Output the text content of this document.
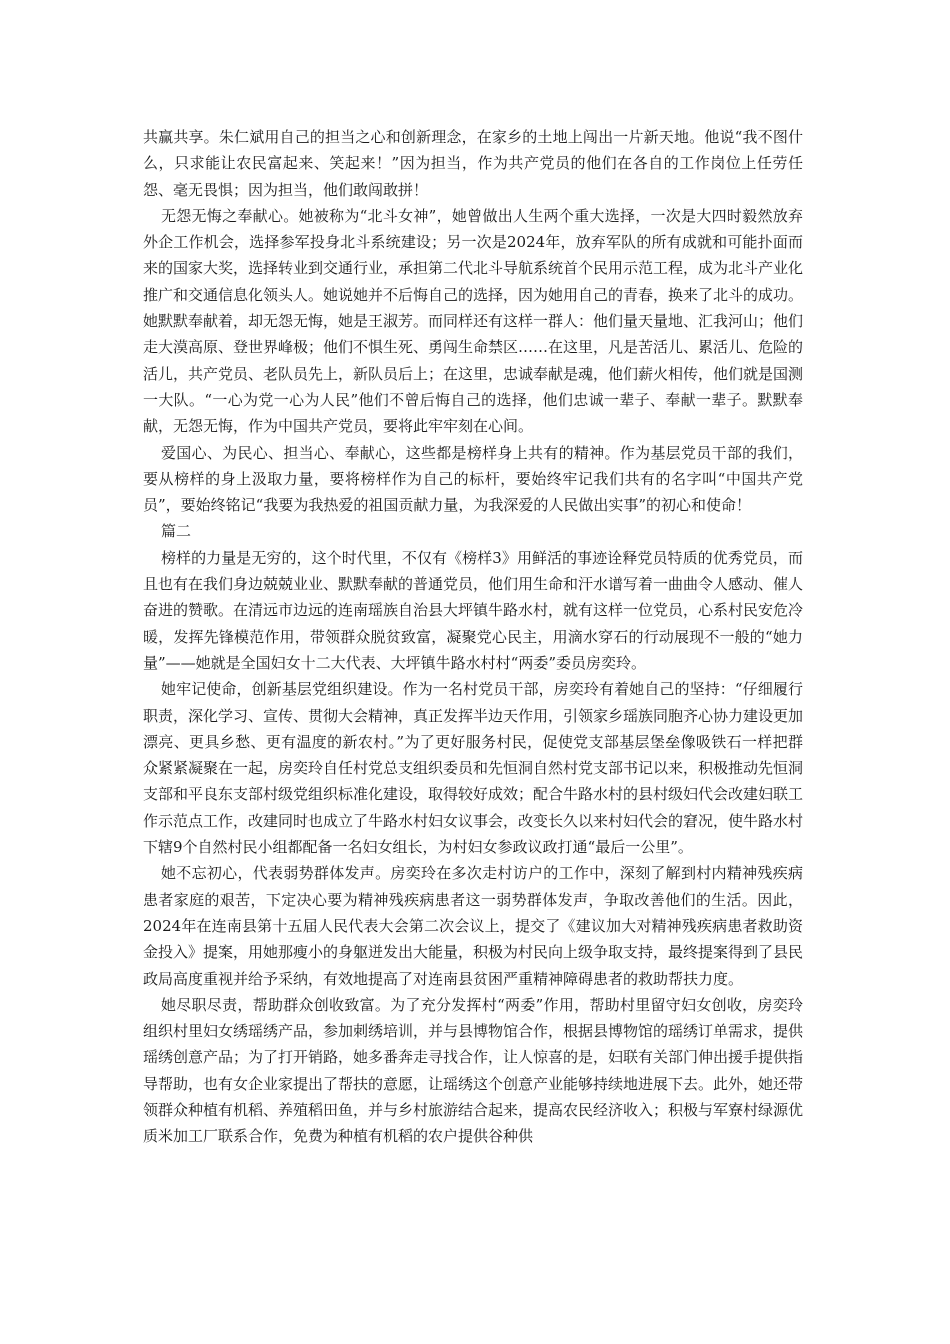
共赢共享。朱仁斌用自己的担当之心和创新理念，在家乡的土地上闯出一片新天地。他说“我不图什么，只求能让农民富起来、笑起来！”因为担当，作为共产党员的他们在各自的工作岗位上任劳任怨、毫无畏惧；因为担当，他们敢闯敢拼！

无怨无悔之奉献心。她被称为“北斗女神”，她曾做出人生两个重大选择，一次是大四时毅然放弃外企工作机会，选择参军投身北斗系统建设；另一次是2024年，放弃军队的所有成就和可能扑面而来的国家大奖，选择转业到交通行业，承担第二代北斗导航系统首个民用示范工程，成为北斗产业化推广和交通信息化领头人。她说她并不后悔自己的选择，因为她用自己的青春，换来了北斗的成功。她默默奉献着，却无怨无悔，她是王淑芳。而同样还有这样一群人：他们量天量地、汇我河山；他们走大漠高原、登世界峰极；他们不惧生死、勇闯生命禁区……在这里，凡是苦活儿、累活儿、危险的活儿，共产党员、老队员先上，新队员后上；在这里，忠诚奉献是魂，他们薪火相传，他们就是国测一大队。“一心为党一心为人民”他们不曾后悔自己的选择，他们忠诚一辈子、奉献一辈子。默默奉献，无怨无悔，作为中国共产党员，要将此牢牢刻在心间。

爱国心、为民心、担当心、奉献心，这些都是榜样身上共有的精神。作为基层党员干部的我们，要从榜样的身上汲取力量，要将榜样作为自己的标杆，要始终牢记我们共有的名字叫“中国共产党员”，要始终铭记“我要为我热爱的祖国贡献力量，为我深爱的人民做出实事”的初心和使命！

篇二

榜样的力量是无穷的，这个时代里，不仅有《榜样3》用鲜活的事迹诠释党员特质的优秀党员，而且也有在我们身边兢兢业业、默默奉献的普通党员，他们用生命和汗水谱写着一曲曲令人感动、催人奋进的赞歌。在清远市边远的连南瑶族自治县大坪镇牛路水村，就有这样一位党员，心系村民安危冷暖，发挥先锋模范作用，带领群众脱贫致富，凝聚党心民主，用滴水穿石的行动展现不一般的“她力量”——她就是全国妇女十二大代表、大坪镇牛路水村村“两委”委员房奕玲。

她牢记使命，创新基层党组织建设。作为一名村党员干部，房奕玲有着她自己的坚持：“仔细履行职责，深化学习、宣传、贯彻大会精神，真正发挥半边天作用，引领家乡瑶族同胞齐心协力建设更加漂亮、更具乡愁、更有温度的新农村。”为了更好服务村民，促使党支部基层堡垒像吸铁石一样把群众紧紧凝聚在一起，房奕玲自任村党总支组织委员和先恒洞自然村党支部书记以来，积极推动先恒洞支部和平良东支部村级党组织标准化建设，取得较好成效；配合牛路水村的县村级妇代会改建妇联工作示范点工作，改建同时也成立了牛路水村妇女议事会，改变长久以来村妇代会的窘况，使牛路水村下辖9个自然村民小组都配备一名妇女组长，为村妇女参政议政打通“最后一公里”。

她不忘初心，代表弱势群体发声。房奕玲在多次走村访户的工作中，深刻了解到村内精神残疾病患者家庭的艰苦，下定决心要为精神残疾病患者这一弱势群体发声，争取改善他们的生活。因此，2024年在连南县第十五届人民代表大会第二次会议上，提交了《建议加大对精神残疾病患者救助资金投入》提案，用她那瘦小的身躯迸发出大能量，积极为村民向上级争取支持，最终提案得到了县民政局高度重视并给予采纳，有效地提高了对连南县贫困严重精神障碍患者的救助帮扶力度。

她尽职尽责，帮助群众创收致富。为了充分发挥村“两委”作用，帮助村里留守妇女创收，房奕玲组织村里妇女绣瑶绣产品，参加刺绣培训，并与县博物馆合作，根据县博物馆的瑶绣订单需求，提供瑶绣创意产品；为了打开销路，她多番奔走寻找合作，让人惊喜的是，妇联有关部门伸出援手提供指导帮助，也有女企业家提出了帮扶的意愿，让瑶绣这个创意产业能够持续地进展下去。此外，她还带领群众种植有机稻、养殖稻田鱼，并与乡村旅游结合起来，提高农民经济收入；积极与军寮村绿源优质米加工厂联系合作，免费为种植有机稻的农户提供谷种供
